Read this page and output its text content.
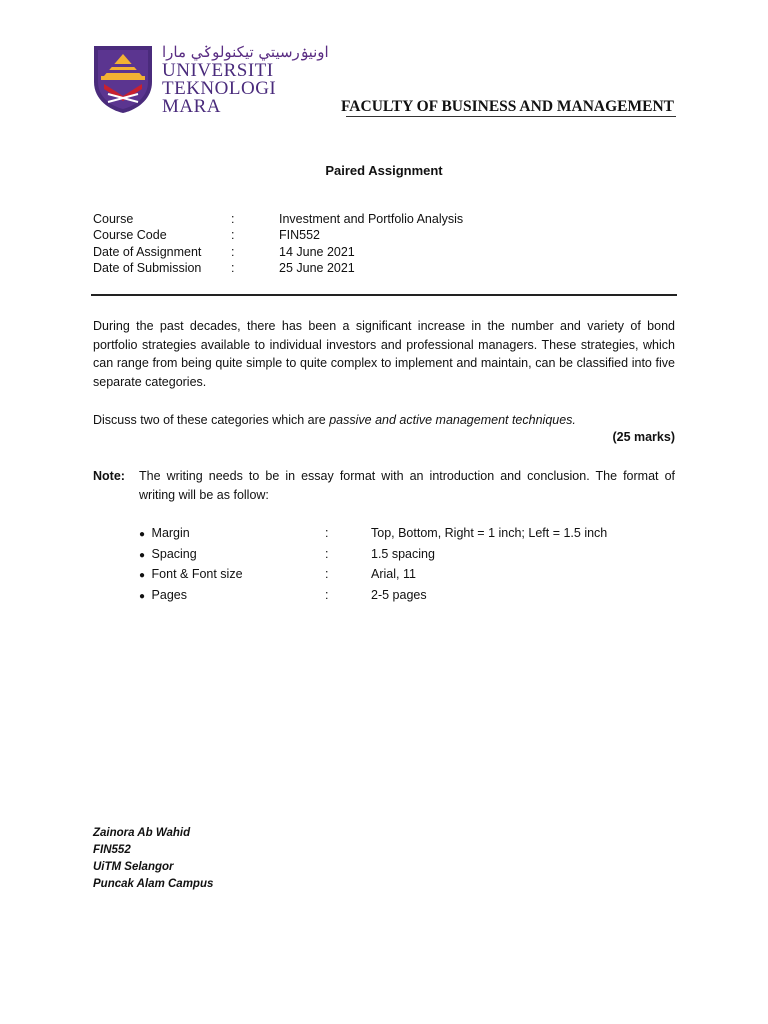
اونيۏرسيتي تيكنولوݢي مارا
UNIVERSITI
TEKNOLOGI
MARA	FACULTY OF BUSINESS AND MANAGEMENT
Paired Assignment
Course	:	Investment and Portfolio Analysis
Course Code	:	FIN552
Date of Assignment	:	14 June 2021
Date of Submission	:	25 June 2021
During the past decades, there has been a significant increase in the number and variety of bond portfolio strategies available to individual investors and professional managers. These strategies, which can range from being quite simple to quite complex to implement and maintain, can be classified into five separate categories.
Discuss two of these categories which are passive and active management techniques.
(25 marks)
Note: The writing needs to be in essay format with an introduction and conclusion. The format of writing will be as follow:
● Margin	:	Top, Bottom, Right = 1 inch; Left = 1.5 inch
● Spacing	:	1.5 spacing
● Font & Font size	:	Arial, 11
● Pages	:	2-5 pages
Zainora Ab Wahid
FIN552
UiTM Selangor
Puncak Alam Campus
